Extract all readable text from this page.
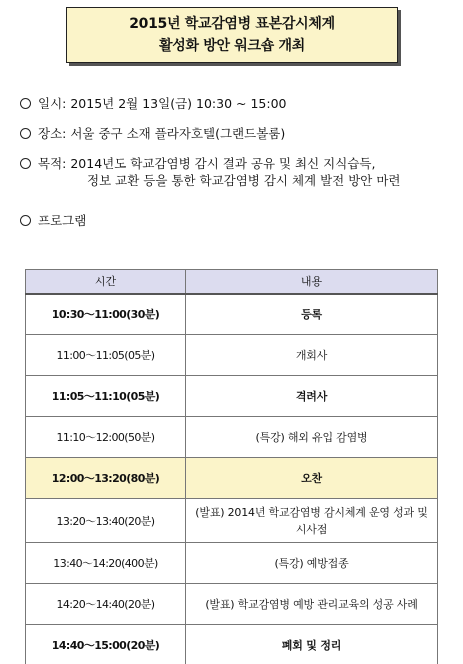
2015년 학교감염병 표본감시체계
활성화 방안 워크숍 개최
일시: 2015년 2월 13일(금) 10:30 ~ 15:00
장소: 서울 중구 소재 플라자호텔(그랜드볼룸)
목적: 2014년도 학교감염병 감시 결과 공유 및 최신 지식습득,
정보 교환 등을 통한 학교감염병 감시 체계 발전 방안 마련
프로그램
시간	내용
10:30～11:00(30분)	등록
11:00～11:05(05분)	개회사
11:05～11:10(05분)	격려사
11:10～12:00(50분)	(특강) 해외 유입 감염병
12:00～13:20(80분)	오찬
13:20～13:40(20분)	(발표) 2014년 학교감염병 감시체계 운영 성과 및 시사점
13:40～14:20(400분)	(특강) 예방접종
14:20～14:40(20분)	(발표) 학교감염병 예방 관리교육의 성공 사례
14:40～15:00(20분)	폐회 및 정리
